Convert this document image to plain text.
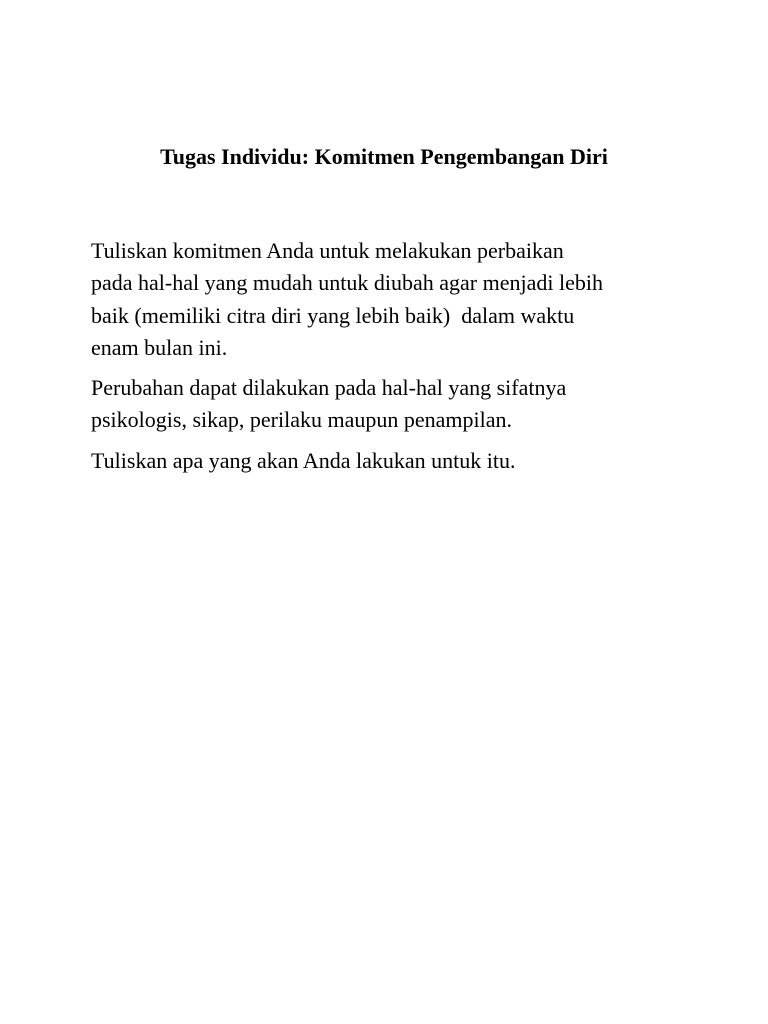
Tugas Individu: Komitmen Pengembangan Diri

Tuliskan komitmen Anda untuk melakukan perbaikan
pada hal-hal yang mudah untuk diubah agar menjadi lebih
baik (memiliki citra diri yang lebih baik)  dalam waktu
enam bulan ini.

Perubahan dapat dilakukan pada hal-hal yang sifatnya
psikologis, sikap, perilaku maupun penampilan.

Tuliskan apa yang akan Anda lakukan untuk itu.
